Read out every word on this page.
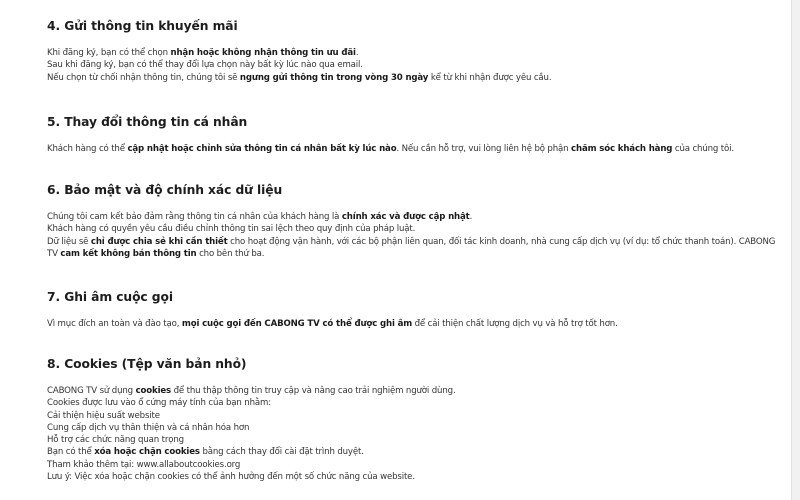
4. Gửi thông tin khuyến mãi

Khi đăng ký, bạn có thể chọn nhận hoặc không nhận thông tin ưu đãi.

Sau khi đăng ký, bạn có thể thay đổi lựa chọn này bất kỳ lúc nào qua email.

Nếu chọn từ chối nhận thông tin, chúng tôi sẽ ngưng gửi thông tin trong vòng 30 ngày kể từ khi nhận được yêu cầu.

5. Thay đổi thông tin cá nhân

Khách hàng có thể cập nhật hoặc chỉnh sửa thông tin cá nhân bất kỳ lúc nào. Nếu cần hỗ trợ, vui lòng liên hệ bộ phận chăm sóc khách hàng của chúng tôi.

6. Bảo mật và độ chính xác dữ liệu

Chúng tôi cam kết bảo đảm rằng thông tin cá nhân của khách hàng là chính xác và được cập nhật.

Khách hàng có quyền yêu cầu điều chỉnh thông tin sai lệch theo quy định của pháp luật.

Dữ liệu sẽ chỉ được chia sẻ khi cần thiết cho hoạt động vận hành, với các bộ phận liên quan, đối tác kinh doanh, nhà cung cấp dịch vụ (ví dụ: tổ chức thanh toán). CABONG

TV cam kết không bán thông tin cho bên thứ ba.

7. Ghi âm cuộc gọi

Vì mục đích an toàn và đào tạo, mọi cuộc gọi đến CABONG TV có thể được ghi âm để cải thiện chất lượng dịch vụ và hỗ trợ tốt hơn.

8. Cookies (Tệp văn bản nhỏ)

CABONG TV sử dụng cookies để thu thập thông tin truy cập và nâng cao trải nghiệm người dùng.

Cookies được lưu vào ổ cứng máy tính của bạn nhằm:

Cải thiện hiệu suất website

Cung cấp dịch vụ thân thiện và cá nhân hóa hơn

Hỗ trợ các chức năng quan trọng

Bạn có thể xóa hoặc chặn cookies bằng cách thay đổi cài đặt trình duyệt.

Tham khảo thêm tại: www.allaboutcookies.org

Lưu ý: Việc xóa hoặc chặn cookies có thể ảnh hưởng đến một số chức năng của website.
